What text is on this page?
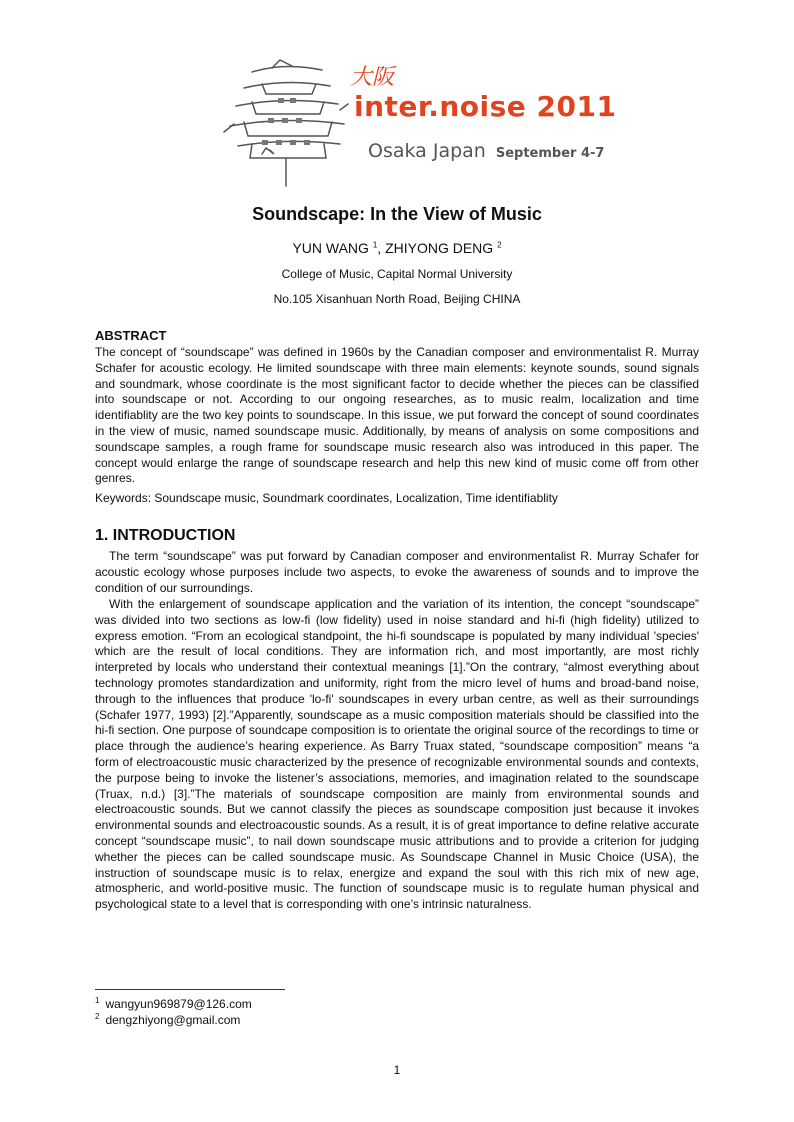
大阪
inter.noise 2011
Osaka Japan September 4-7
Soundscape: In the View of Music
YUN WANG $^1$, ZHIYONG DENG $^2$
College of Music, Capital Normal University
No.105 Xisanhuan North Road, Beijing CHINA
ABSTRACT

The concept of “soundscape” was defined in 1960s by the Canadian composer and environmentalist R. Murray Schafer for acoustic ecology. He limited soundscape with three main elements: keynote sounds, sound signals and soundmark, whose coordinate is the most significant factor to decide whether the pieces can be classified into soundscape or not. According to our ongoing researches, as to music realm, localization and time identifiablity are the two key points to soundscape. In this issue, we put forward the concept of sound coordinates in the view of music, named soundscape music. Additionally, by means of analysis on some compositions and soundscape samples, a rough frame for soundscape music research also was introduced in this paper. The concept would enlarge the range of soundscape research and help this new kind of music come off from other genres.

Keywords: Soundscape music, Soundmark coordinates, Localization, Time identifiablity

1. INTRODUCTION

The term “soundscape” was put forward by Canadian composer and environmentalist R. Murray Schafer for acoustic ecology whose purposes include two aspects, to evoke the awareness of sounds and to improve the condition of our surroundings.

With the enlargement of soundscape application and the variation of its intention, the concept “soundscape” was divided into two sections as low-fi (low fidelity) used in noise standard and hi-fi (high fidelity) utilized to express emotion. “From an ecological standpoint, the hi-fi soundscape is populated by many individual 'species' which are the result of local conditions. They are information rich, and most importantly, are most richly interpreted by locals who understand their contextual meanings [1].”On the contrary, “almost everything about technology promotes standardization and uniformity, right from the micro level of hums and broad-band noise, through to the influences that produce 'lo-fi' soundscapes in every urban centre, as well as their surroundings (Schafer 1977, 1993) [2].”Apparently, soundscape as a music composition materials should be classified into the hi-fi section. One purpose of soundcape composition is to orientate the original source of the recordings to time or place through the audience’s hearing experience. As Barry Truax stated, “soundscape composition” means “a form of electroacoustic music characterized by the presence of recognizable environmental sounds and contexts, the purpose being to invoke the listener’s associations, memories, and imagination related to the soundscape (Truax, n.d.) [3].”The materials of soundscape composition are mainly from environmental sounds and electroacoustic sounds. But we cannot classify the pieces as soundscape composition just because it invokes environmental sounds and electroacoustic sounds. As a result, it is of great importance to define relative accurate concept “soundscape music”, to nail down soundscape music attributions and to provide a criterion for judging whether the pieces can be called soundscape music. As Soundscape Channel in Music Choice (USA), the instruction of soundscape music is to relax, energize and expand the soul with this rich mix of new age, atmospheric, and world-positive music. The function of soundscape music is to regulate human physical and psychological state to a level that is corresponding with one’s intrinsic naturalness.

$^1$ wangyun969879@126.com
$^2$ dengzhiyong@gmail.com
1
